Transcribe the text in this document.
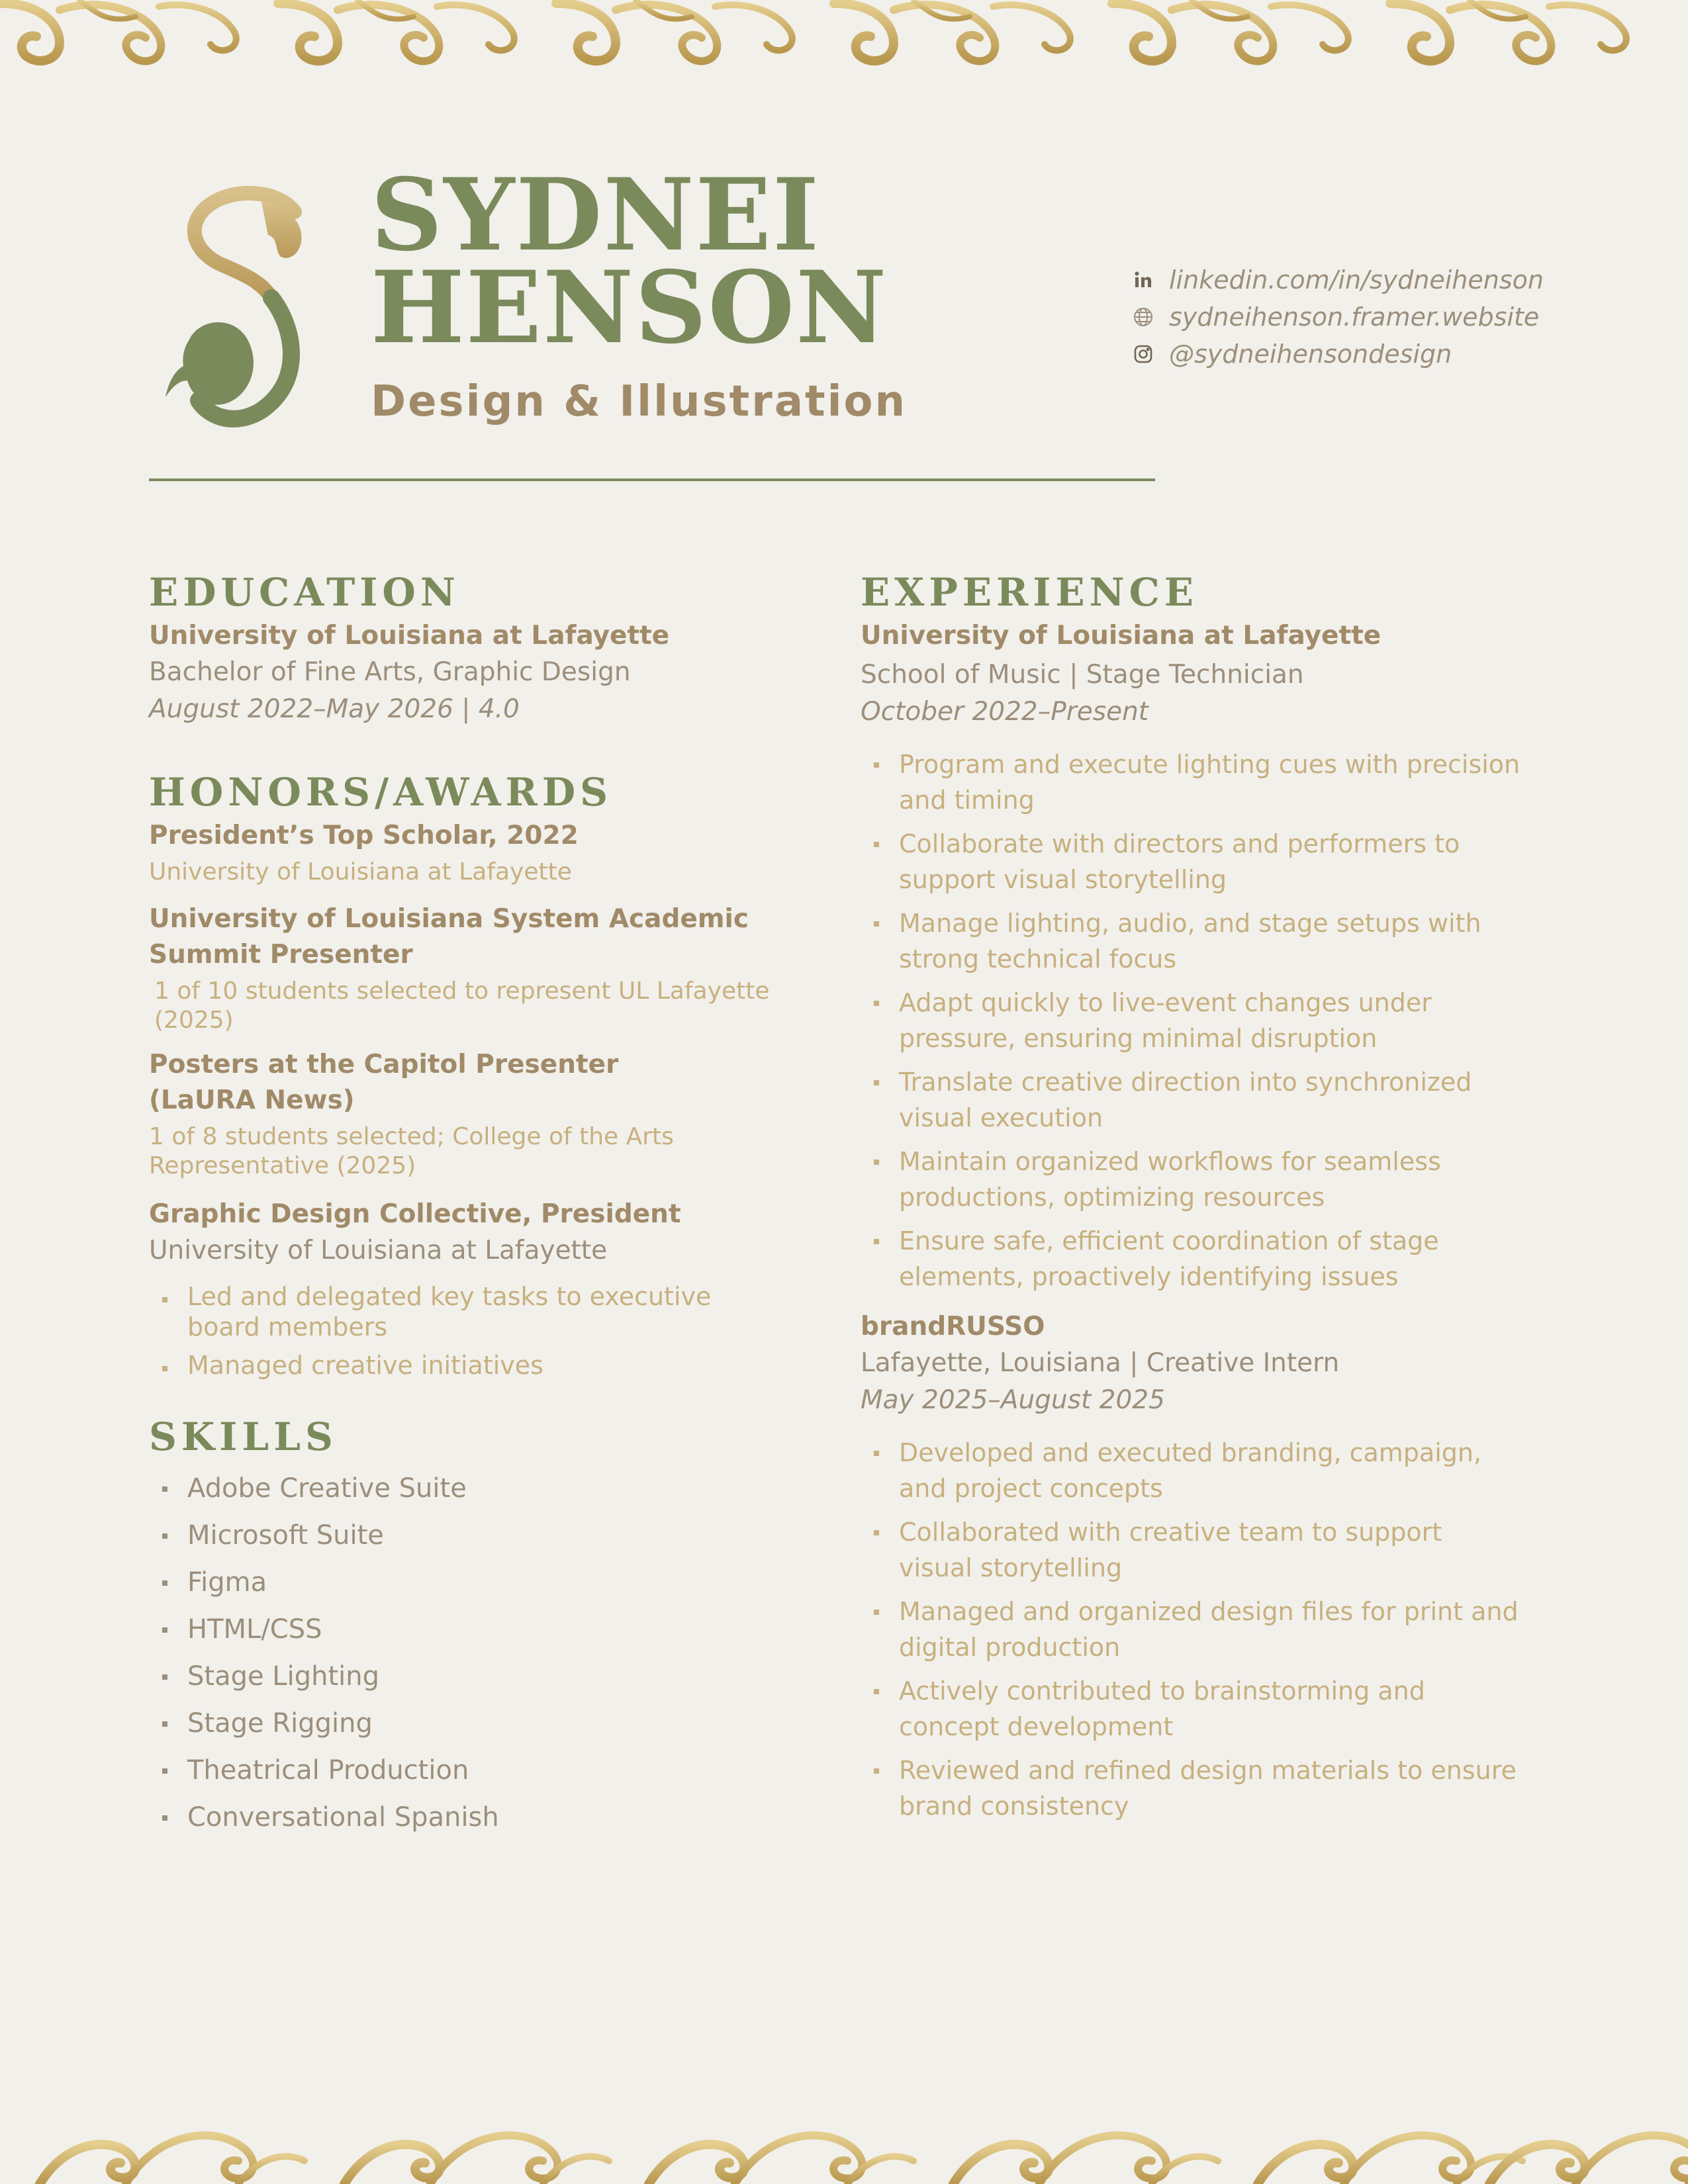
SYDNEI
HENSON
Design & Illustration
linkedin.com/in/sydneihenson
sydneihenson.framer.website
@sydneihensondesign
EDUCATION

University of Louisiana at Lafayette

Bachelor of Fine Arts, Graphic Design

August 2022–May 2026 | 4.0

HONORS/AWARDS

President’s Top Scholar, 2022

University of Louisiana at Lafayette

University of Louisiana System Academic Summit Presenter

1 of 10 students selected to represent UL Lafayette (2025)

Posters at the Capitol Presenter (LaURA News)

1 of 8 students selected; College of the Arts Representative (2025)

Graphic Design Collective, President

University of Louisiana at Lafayette

Led and delegated key tasks to executive board members
Managed creative initiatives
SKILLS
Adobe Creative Suite
Microsoft Suite
Figma
HTML/CSS
Stage Lighting
Stage Rigging
Theatrical Production
Conversational Spanish
EXPERIENCE

University of Louisiana at Lafayette

School of Music | Stage Technician

October 2022–Present

Program and execute lighting cues with precision and timing
Collaborate with directors and performers to support visual storytelling
Manage lighting, audio, and stage setups with strong technical focus
Adapt quickly to live-event changes under pressure, ensuring minimal disruption
Translate creative direction into synchronized visual execution
Maintain organized workflows for seamless productions, optimizing resources
Ensure safe, efficient coordination of stage elements, proactively identifying issues

brandRUSSO

Lafayette, Louisiana | Creative Intern

May 2025–August 2025

Developed and executed branding, campaign, and project concepts
Collaborated with creative team to support visual storytelling
Managed and organized design files for print and digital production
Actively contributed to brainstorming and concept development
Reviewed and refined design materials to ensure brand consistency
